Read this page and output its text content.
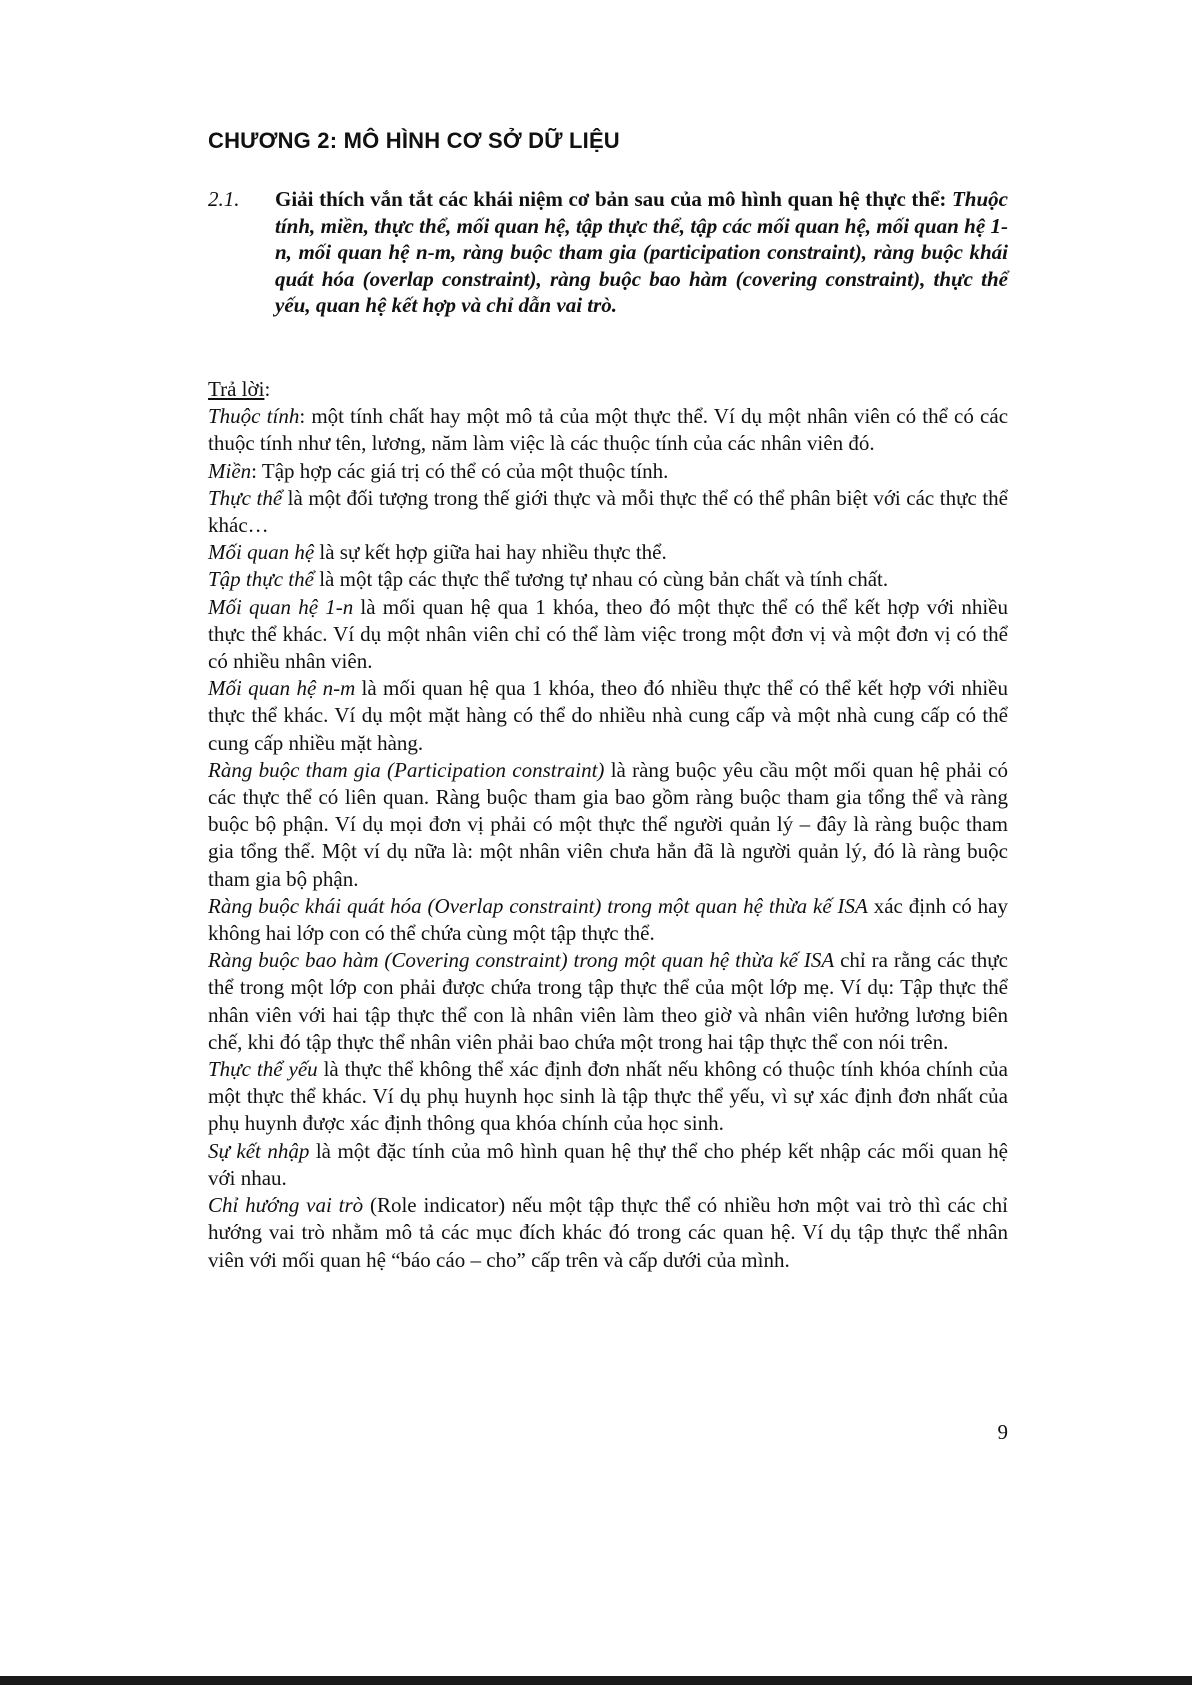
CHƯƠNG 2: MÔ HÌNH CƠ SỞ DỮ LIỆU
2.1. Giải thích vắn tắt các khái niệm cơ bản sau của mô hình quan hệ thực thể: Thuộc tính, miền, thực thể, mối quan hệ, tập thực thể, tập các mối quan hệ, mối quan hệ 1-n, mối quan hệ n-m, ràng buộc tham gia (participation constraint), ràng buộc khái quát hóa (overlap constraint), ràng buộc bao hàm (covering constraint), thực thể yếu, quan hệ kết hợp và chỉ dẫn vai trò.

Trả lời:

Thuộc tính: một tính chất hay một mô tả của một thực thể. Ví dụ một nhân viên có thể có các thuộc tính như tên, lương, năm làm việc là các thuộc tính của các nhân viên đó.

Miền: Tập hợp các giá trị có thể có của một thuộc tính.

Thực thể là một đối tượng trong thế giới thực và mỗi thực thể có thể phân biệt với các thực thể khác…

Mối quan hệ là sự kết hợp giữa hai hay nhiều thực thể.

Tập thực thể là một tập các thực thể tương tự nhau có cùng bản chất và tính chất.

Mối quan hệ 1-n là mối quan hệ qua 1 khóa, theo đó một thực thể có thể kết hợp với nhiều thực thể khác. Ví dụ một nhân viên chỉ có thể làm việc trong một đơn vị và một đơn vị có thể có nhiều nhân viên.

Mối quan hệ n-m là mối quan hệ qua 1 khóa, theo đó nhiều thực thể có thể kết hợp với nhiều thực thể khác. Ví dụ một mặt hàng có thể do nhiều nhà cung cấp và một nhà cung cấp có thể cung cấp nhiều mặt hàng.

Ràng buộc tham gia (Participation constraint) là ràng buộc yêu cầu một mối quan hệ phải có các thực thể có liên quan. Ràng buộc tham gia bao gồm ràng buộc tham gia tổng thể và ràng buộc bộ phận. Ví dụ mọi đơn vị phải có một thực thể người quản lý – đây là ràng buộc tham gia tổng thể. Một ví dụ nữa là: một nhân viên chưa hẳn đã là người quản lý, đó là ràng buộc tham gia bộ phận.

Ràng buộc khái quát hóa (Overlap constraint) trong một quan hệ thừa kế ISA xác định có hay không hai lớp con có thể chứa cùng một tập thực thể.

Ràng buộc bao hàm (Covering constraint) trong một quan hệ thừa kế ISA chỉ ra rằng các thực thể trong một lớp con phải được chứa trong tập thực thể của một lớp mẹ. Ví dụ: Tập thực thể nhân viên với hai tập thực thể con là nhân viên làm theo giờ và nhân viên hưởng lương biên chế, khi đó tập thực thể nhân viên phải bao chứa một trong hai tập thực thể con nói trên.

Thực thể yếu là thực thể không thể xác định đơn nhất nếu không có thuộc tính khóa chính của một thực thể khác. Ví dụ phụ huynh học sinh là tập thực thể yếu, vì sự xác định đơn nhất của phụ huynh được xác định thông qua khóa chính của học sinh.

Sự kết nhập là một đặc tính của mô hình quan hệ thự thể cho phép kết nhập các mối quan hệ với nhau.

Chỉ hướng vai trò (Role indicator) nếu một tập thực thể có nhiều hơn một vai trò thì các chỉ hướng vai trò nhằm mô tả các mục đích khác đó trong các quan hệ. Ví dụ tập thực thể nhân viên với mối quan hệ “báo cáo – cho” cấp trên và cấp dưới của mình.

9
